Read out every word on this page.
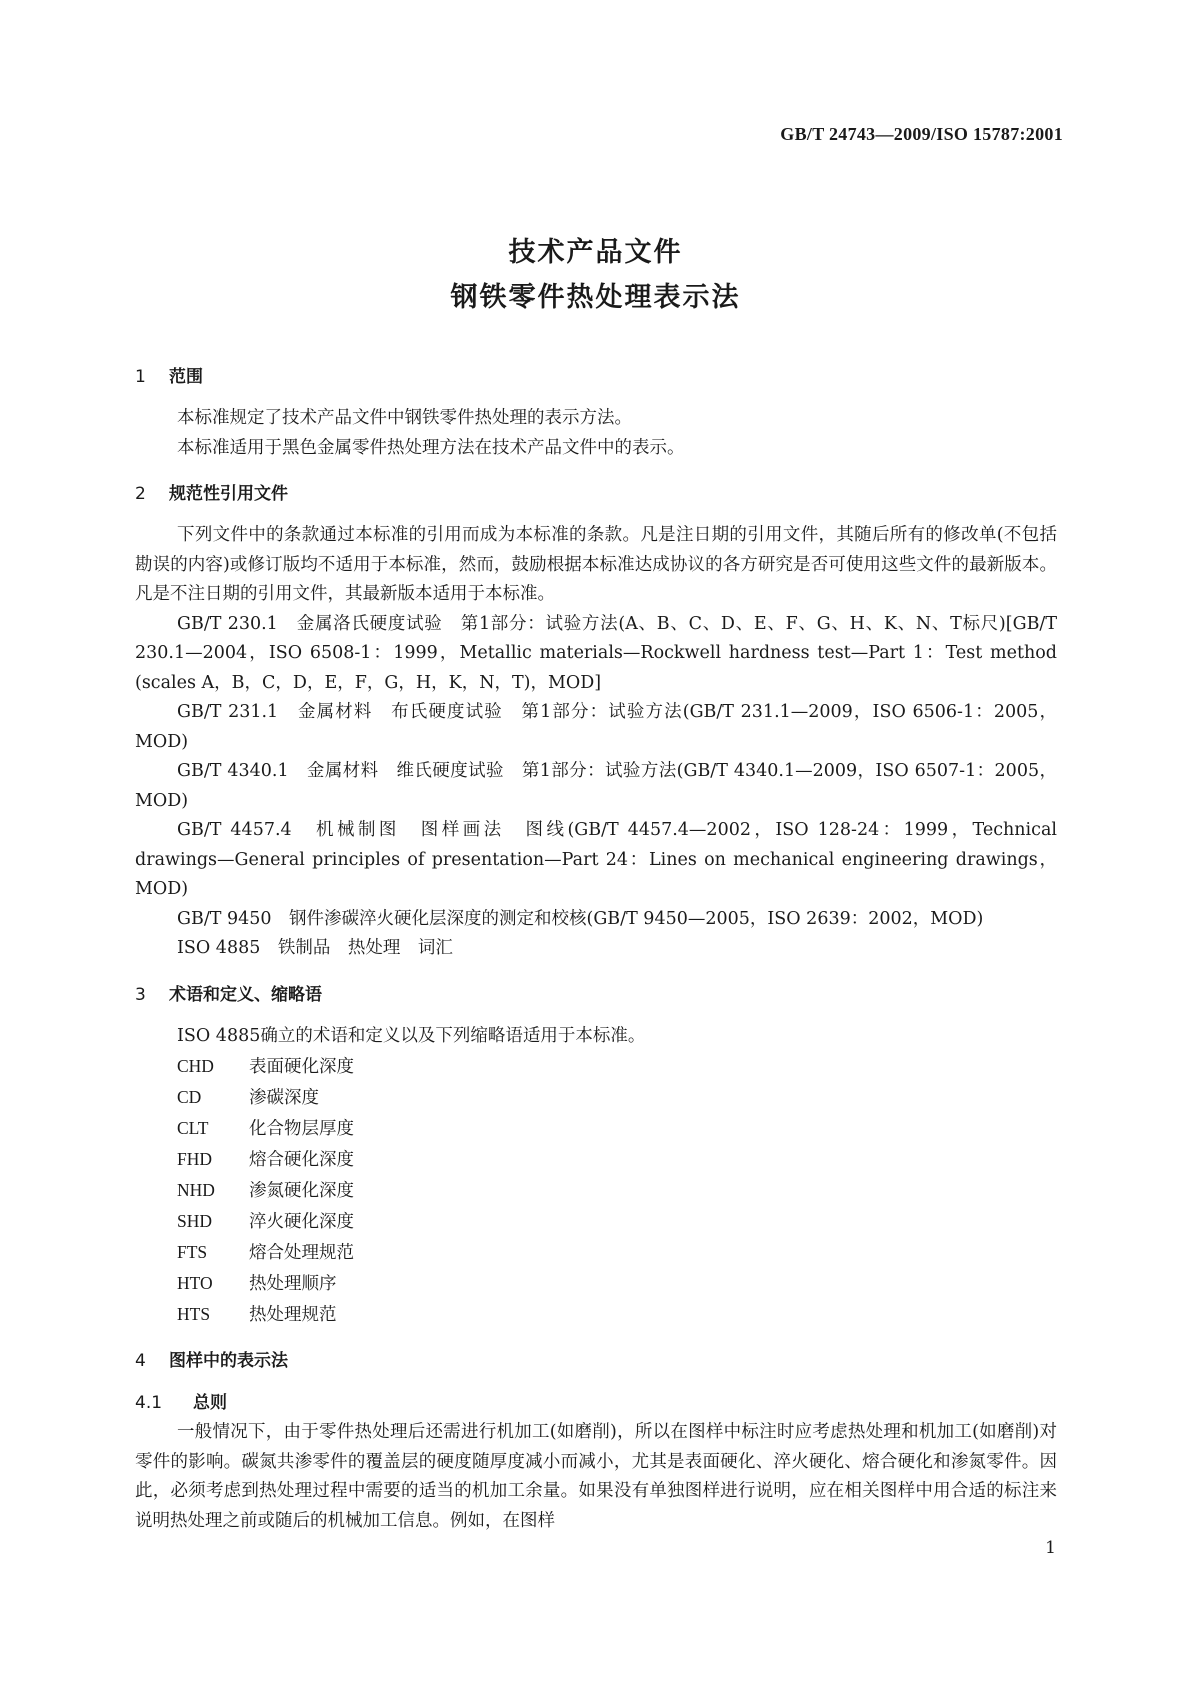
GB/T 24743—2009/ISO 15787:2001
技术产品文件
钢铁零件热处理表示法
1 范围

本标准规定了技术产品文件中钢铁零件热处理的表示方法。

本标准适用于黑色金属零件热处理方法在技术产品文件中的表示。

2 规范性引用文件

下列文件中的条款通过本标准的引用而成为本标准的条款。凡是注日期的引用文件，其随后所有的修改单(不包括勘误的内容)或修订版均不适用于本标准，然而，鼓励根据本标准达成协议的各方研究是否可使用这些文件的最新版本。凡是不注日期的引用文件，其最新版本适用于本标准。

GB/T 230.1　金属洛氏硬度试验　第1部分：试验方法(A、B、C、D、E、F、G、H、K、N、T标尺)[GB/T 230.1—2004，ISO 6508-1：1999，Metallic materials—Rockwell hardness test—Part 1：Test method (scales A，B，C，D，E，F，G，H，K，N，T)，MOD]

GB/T 231.1　金属材料　布氏硬度试验　第1部分：试验方法(GB/T 231.1—2009，ISO 6506-1：2005，MOD)

GB/T 4340.1　金属材料　维氏硬度试验　第1部分：试验方法(GB/T 4340.1—2009，ISO 6507-1：2005，MOD)

GB/T 4457.4　机械制图　图样画法　图线(GB/T 4457.4—2002，ISO 128-24：1999，Technical drawings—General principles of presentation—Part 24：Lines on mechanical engineering drawings，MOD)

GB/T 9450　钢件渗碳淬火硬化层深度的测定和校核(GB/T 9450—2005，ISO 2639：2002，MOD)

ISO 4885　铁制品　热处理　词汇

3 术语和定义、缩略语

ISO 4885确立的术语和定义以及下列缩略语适用于本标准。

CHD 表面硬化深度

CD	渗碳深度

CLT 化合物层厚度

FHD 熔合硬化深度

NHD 渗氮硬化深度

SHD 淬火硬化深度

FTS 熔合处理规范

HTO 热处理顺序

HTS 热处理规范

4 图样中的表示法
4.1 总则

一般情况下，由于零件热处理后还需进行机加工(如磨削)，所以在图样中标注时应考虑热处理和机加工(如磨削)对零件的影响。碳氮共渗零件的覆盖层的硬度随厚度减小而减小，尤其是表面硬化、淬火硬化、熔合硬化和渗氮零件。因此，必须考虑到热处理过程中需要的适当的机加工余量。如果没有单独图样进行说明，应在相关图样中用合适的标注来说明热处理之前或随后的机械加工信息。例如，在图样

1
